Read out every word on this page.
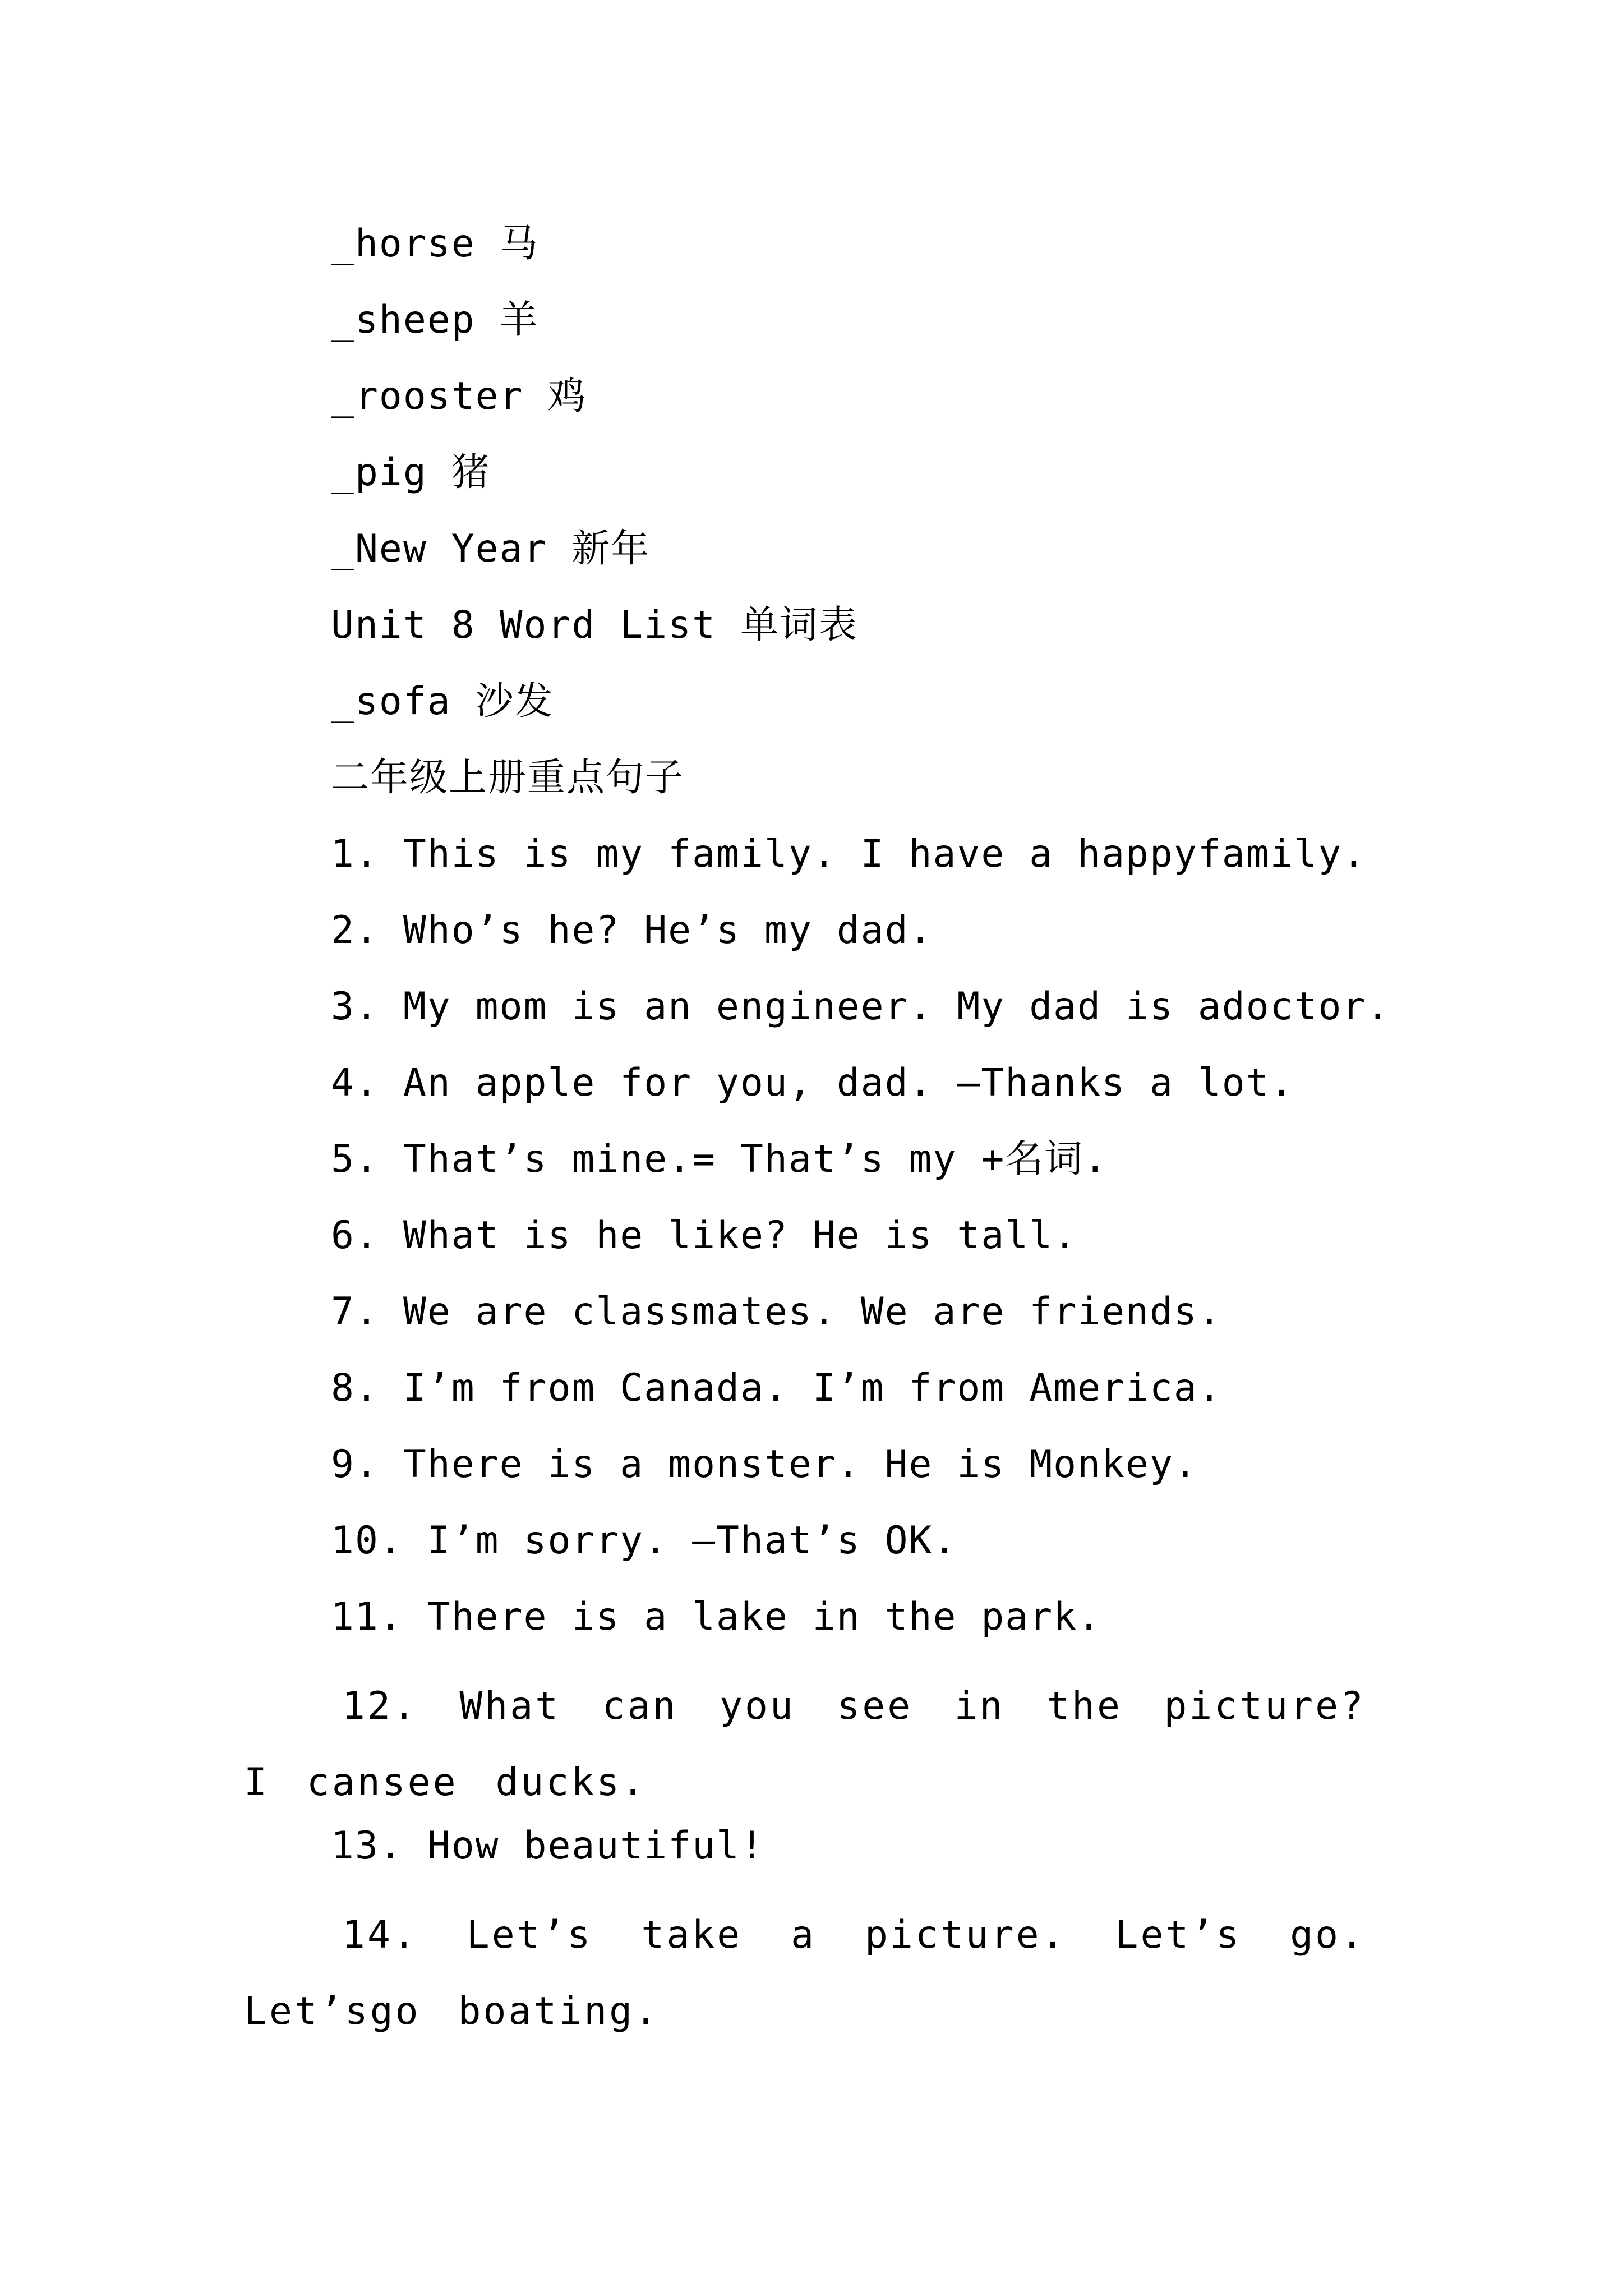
_horse 马
_sheep 羊
_rooster 鸡
_pig 猪
_New Year 新年
Unit 8 Word List 单词表
_sofa 沙发
二年级上册重点句子
1. This is my family. I have a happyfamily.
2. Who’s he? He’s my dad.
3. My mom is an engineer. My dad is adoctor.
4. An apple for you, dad. –Thanks a lot.
5. That’s mine.= That’s my +名词.
6. What is he like? He is tall.
7. We are classmates. We are friends.
8. I’m from Canada. I’m from America.
9. There is a monster. He is Monkey.
10. I’m sorry. –That’s OK.
11. There is a lake in the park.
12. What can you see in the picture? I cansee ducks.
13. How beautiful!
14. Let’s take a picture. Let’s go. Let’sgo boating.
